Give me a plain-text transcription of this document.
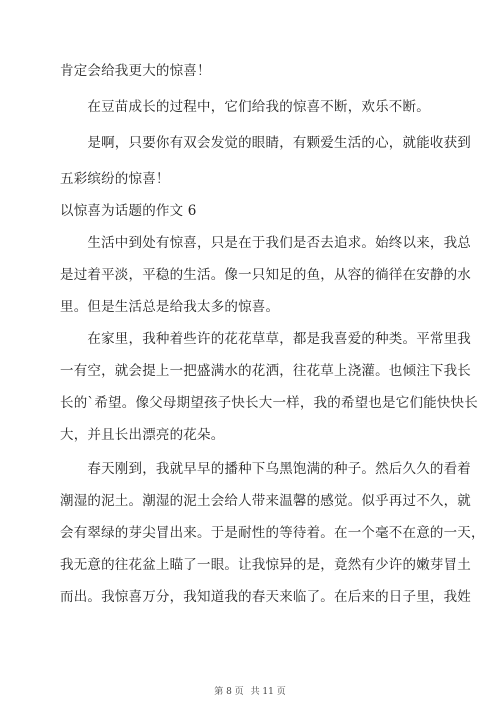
肯定会给我更大的惊喜！
　　在豆苗成长的过程中，它们给我的惊喜不断，欢乐不断。
　　是啊，只要你有双会发觉的眼睛，有颗爱生活的心，就能收获到
五彩缤纷的惊喜！
以惊喜为话题的作文 6
　　生活中到处有惊喜，只是在于我们是否去追求。始终以来，我总
是过着平淡，平稳的生活。像一只知足的鱼，从容的徜徉在安静的水
里。但是生活总是给我太多的惊喜。
　　在家里，我种着些许的花花草草，都是我喜爱的种类。平常里我
一有空，就会提上一把盛满水的花洒，往花草上浇灌。也倾注下我长
长的`希望。像父母期望孩子快长大一样，我的希望也是它们能快快长
大，并且长出漂亮的花朵。
　　春天刚到，我就早早的播种下乌黑饱满的种子。然后久久的看着
潮湿的泥土。潮湿的泥土会给人带来温馨的感觉。似乎再过不久，就
会有翠绿的芽尖冒出来。于是耐性的等待着。在一个毫不在意的一天，
我无意的往花盆上瞄了一眼。让我惊异的是，竟然有少许的嫩芽冒土
而出。我惊喜万分，我知道我的春天来临了。在后来的日子里，我姓
第 8 页 共 11 页
